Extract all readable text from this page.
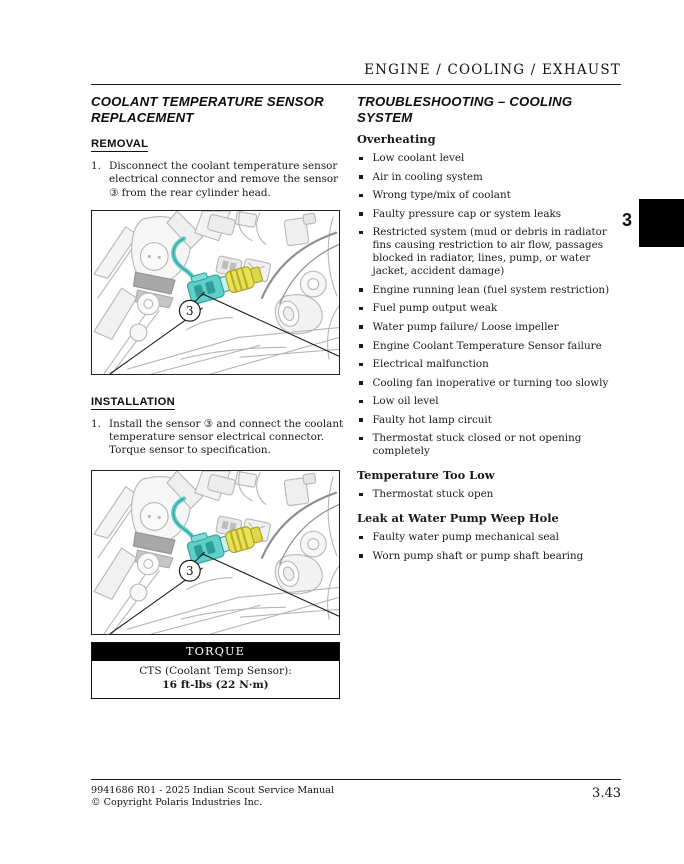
ENGINE / COOLING / EXHAUST
3
COOLANT TEMPERATURE SENSOR REPLACEMENT
REMOVAL
1. Disconnect the coolant temperature sensor electrical connector and remove the sensor ③ from the rear cylinder head.
INSTALLATION
1. Install the sensor ③ and connect the coolant temperature sensor electrical connector. Torque sensor to specification.
TORQUE
CTS (Coolant Temp Sensor):
16 ft-lbs (22 N·m)
TROUBLESHOOTING – COOLING SYSTEM
Overheating
Low coolant level
Air in cooling system
Wrong type/mix of coolant
Faulty pressure cap or system leaks
Restricted system (mud or debris in radiator fins causing restriction to air flow, passages blocked in radiator, lines, pump, or water jacket, accident damage)
Engine running lean (fuel system restriction)
Fuel pump output weak
Water pump failure/ Loose impeller
Engine Coolant Temperature Sensor failure
Electrical malfunction
Cooling fan inoperative or turning too slowly
Low oil level
Faulty hot lamp circuit
Thermostat stuck closed or not opening completely
Temperature Too Low
Thermostat stuck open
Leak at Water Pump Weep Hole
Faulty water pump mechanical seal
Worn pump shaft or pump shaft bearing
9941686 R01 - 2025 Indian Scout Service Manual
© Copyright Polaris Industries Inc.
3.43
